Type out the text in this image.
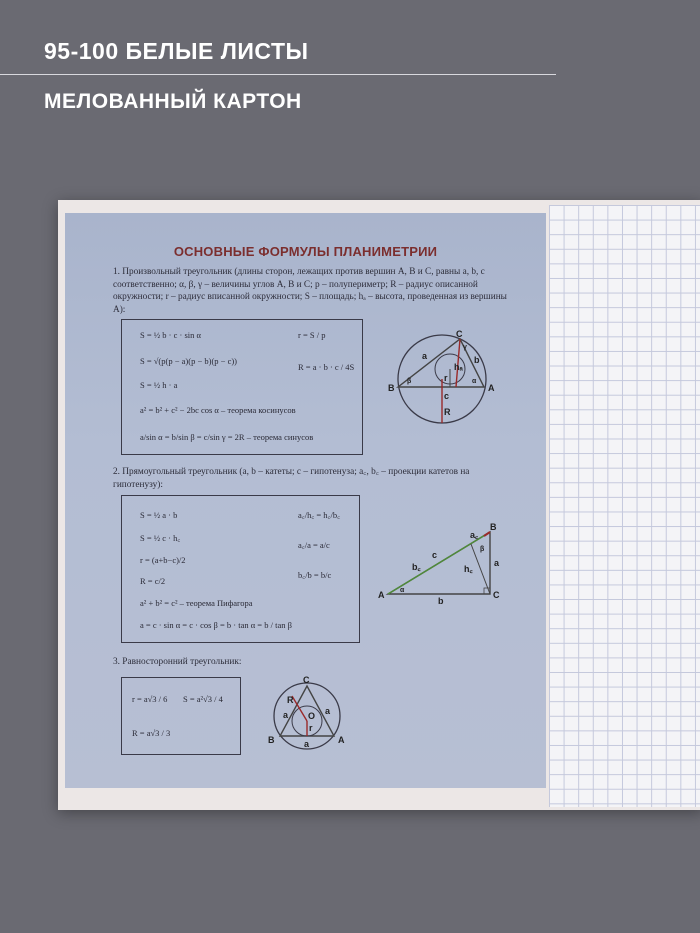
95-100 БЕЛЫЕ ЛИСТЫ
МЕЛОВАННЫЙ КАРТОН
ОСНОВНЫЕ ФОРМУЛЫ ПЛАНИМЕТРИИ
1. Произвольный треугольник (длины сторон, лежащих против вершин A, B и C, равны a, b, c соответственно; α, β, γ – величины углов A, B и C; p – полупериметр; R – радиус описанной окружности; r – радиус вписанной окружности; S – площадь; hₐ – высота, проведенная из вершины A):
S = ½ b · c · sin α	r = S / p
S = √(p(p − a)(p − b)(p − c))
R = a · b · c / 4S
S = ½ h · a
a² = b² + c² − 2bc cos α – теорема косинусов
a/sin α = b/sin β = c/sin γ = 2R – теорема синусов
C
a
γ
b
hₐ
β	r	α
B	A
c
R
2. Прямоугольный треугольник (a, b – катеты; c – гипотенуза; a꜀, b꜀ – проекции катетов на гипотенузу):
S = ½ a · b
S = ½ c · h꜀
r = (a+b−c)/2
R = c/2
a² + b² = c² – теорема Пифагора
a = c · sin α = c · cos β = b · tan α = b / tan β
a꜀/h꜀ = h꜀/b꜀
a꜀/a = a/c
b꜀/b = b/c
B
a꜀
β
c
b꜀	h꜀
a
A α
b
C
3. Равносторонний треугольник:
r = a√3 / 6 S = a²√3 / 4
R = a√3 / 3
C
R
a	a
O
r
B	a	A
